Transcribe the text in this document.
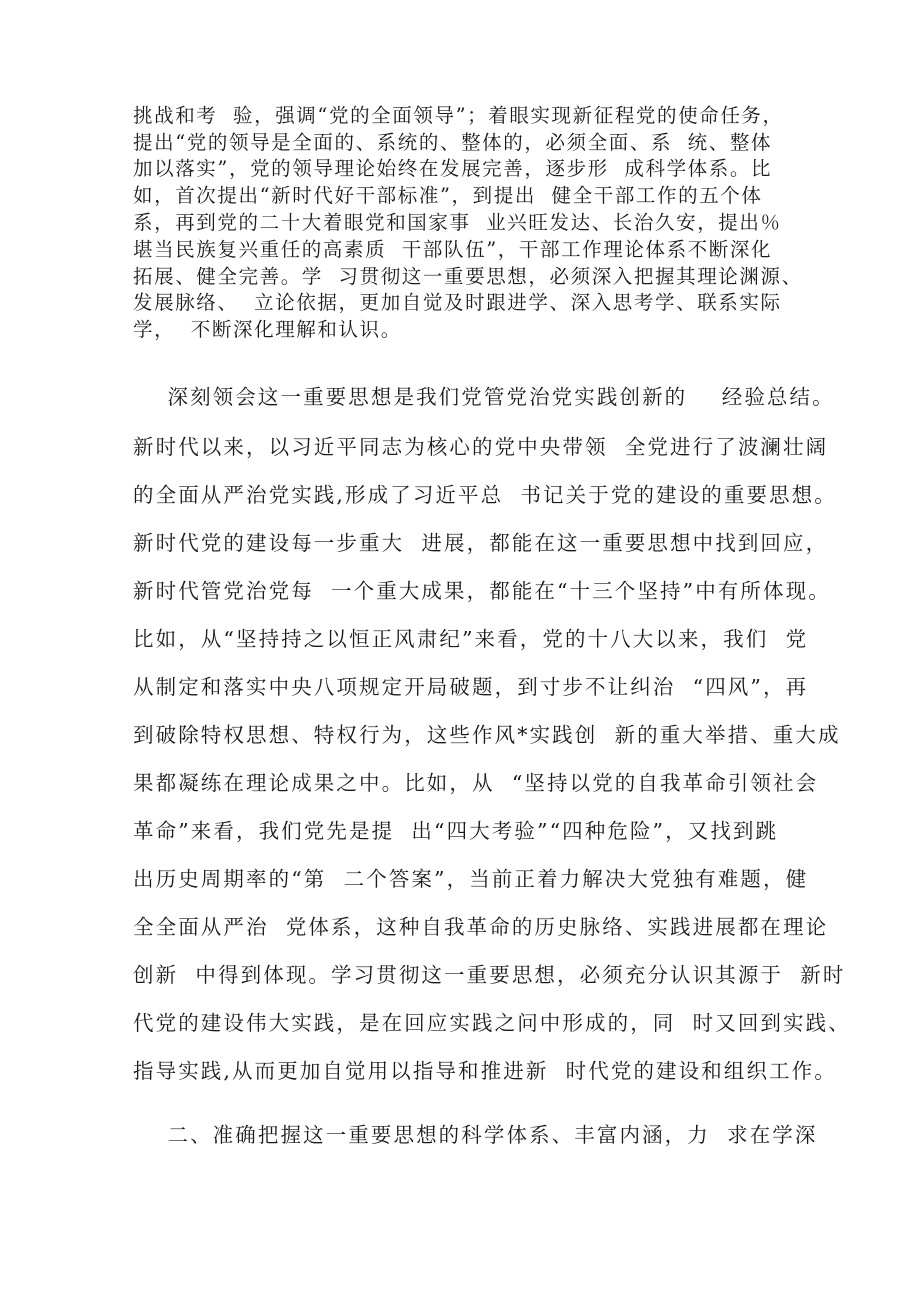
挑战和考  验，强调“党的全面领导”；着眼实现新征程党的使命任务，

提出“党的领导是全面的、系统的、整体的，必须全面、系  统、整体

加以落实”，党的领导理论始终在发展完善，逐步形  成科学体系。比

如，首次提出“新时代好干部标准”，到提出  健全干部工作的五个体

系，再到党的二十大着眼党和国家事  业兴旺发达、长治久安，提出％

堪当民族复兴重任的高素质  干部队伍”，干部工作理论体系不断深化

拓展、健全完善。学  习贯彻这一重要思想，必须深入把握其理论渊源、

发展脉络、  立论依据，更加自觉及时跟进学、深入思考学、联系实际

学，  不断深化理解和认识。

深刻领会这一重要思想是我们党管党治党实践创新的    经验总结。

新时代以来，以习近平同志为核心的党中央带领  全党进行了波澜壮阔

的全面从严治党实践,形成了习近平总  书记关于党的建设的重要思想。

新时代党的建设每一步重大  进展，都能在这一重要思想中找到回应，

新时代管党治党每  一个重大成果，都能在“十三个坚持”中有所体现。

比如，从“坚持持之以恒正风肃纪”来看，党的十八大以来，我们  党

从制定和落实中央八项规定开局破题，到寸步不让纠治  “四风”，再

到破除特权思想、特权行为，这些作风*实践创  新的重大举措、重大成

果都凝练在理论成果之中。比如，从  “坚持以党的自我革命引领社会

革命”来看，我们党先是提  出“四大考验”“四种危险”，又找到跳

出历史周期率的“第  二个答案”，当前正着力解决大党独有难题，健

全全面从严治  党体系，这种自我革命的历史脉络、实践进展都在理论

创新  中得到体现。学习贯彻这一重要思想，必须充分认识其源于  新时

代党的建设伟大实践，是在回应实践之问中形成的，同  时又回到实践、

指导实践,从而更加自觉用以指导和推进新  时代党的建设和组织工作。

二、准确把握这一重要思想的科学体系、丰富内涵，力  求在学深
